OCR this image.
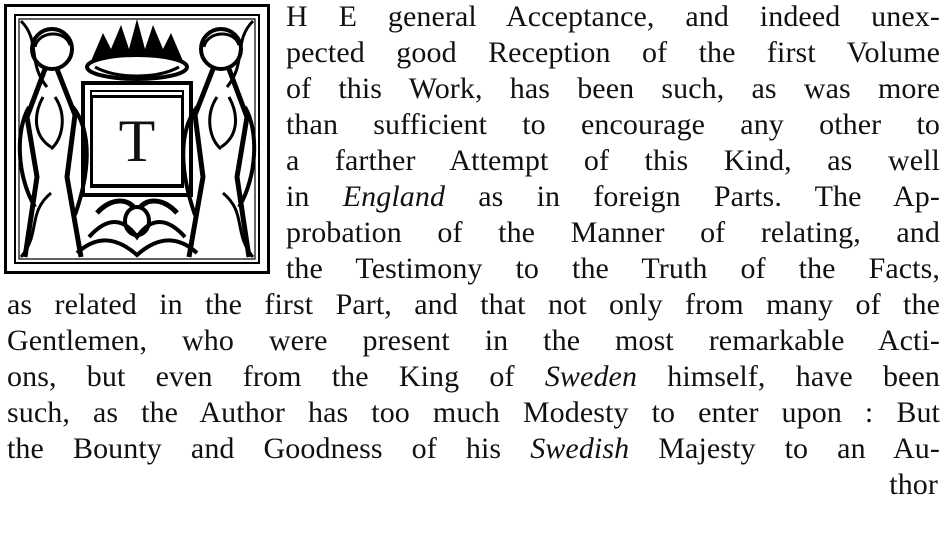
T
H E general Acceptance, and indeed unex-
pected good Reception of the first Volume
of this Work, has been such, as was more
than sufficient to encourage any other to
a farther Attempt of this Kind, as well
in England as in foreign Parts. The Ap-
probation of the Manner of relating, and
the Testimony to the Truth of the Facts,
as related in the first Part, and that not only from many of the
Gentlemen, who were present in the most remarkable Acti-
ons, but even from the King of Sweden himself, have been
such, as the Author has too much Modesty to enter upon : But
the Bounty and Goodness of his Swedish Majesty to an Au-
thor
